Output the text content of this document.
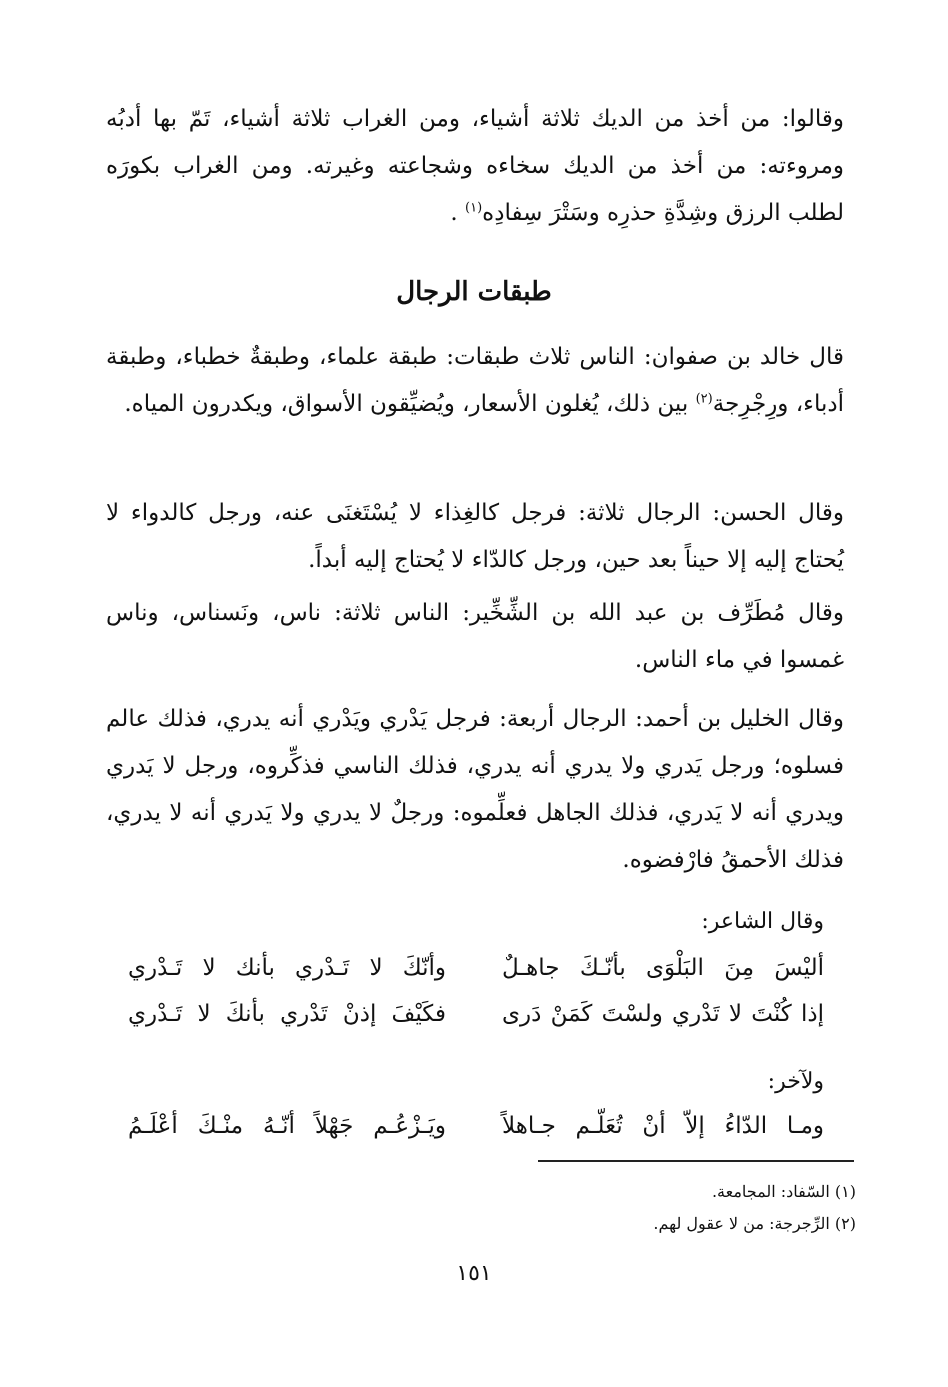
وقالوا: من أخذ من الديك ثلاثة أشياء، ومن الغراب ثلاثة أشياء، تَمّ بها أدبُه ومروءته: من أخذ من الديك سخاءه وشجاعته وغيرته. ومن الغراب بكورَه لطلب الرزق وشِدَّةِ حذرِه وسَتْرَ سِفادِه$^{(١)}$ .

طبقات الرجال

قال خالد بن صفوان: الناس ثلاث طبقات: طبقة علماء، وطبقةٌ خطباء، وطبقة أدباء، ورِجْرِجة$^{(٢)}$ بين ذلك، يُغلون الأسعار، ويُضيِّقون الأسواق، ويكدرون المياه.

وقال الحسن: الرجال ثلاثة: فرجل كالغِذاء لا يُسْتَغنَى عنه، ورجل كالدواء لا يُحتاج إليه إلا حيناً بعد حين، ورجل كالدّاء لا يُحتاج إليه أبداً.

وقال مُطَرِّف بن عبد الله بن الشِّخِّير: الناس ثلاثة: ناس، ونَسناس، وناس غمسوا في ماء الناس.

وقال الخليل بن أحمد: الرجال أربعة: فرجل يَدْري ويَدْري أنه يدري، فذلك عالم فسلوه؛ ورجل يَدري ولا يدري أنه يدري، فذلك الناسي فذكِّروه، ورجل لا يَدري ويدري أنه لا يَدري، فذلك الجاهل فعلِّموه: ورجلٌ لا يدري ولا يَدري أنه لا يدري، فذلك الأحمقُ فارْفضوه.

وقال الشاعر:
أليْسَ مِنَ البَلْوَى بأنّـكَ جاهـلٌ
وأنّكَ لا تَـدْري بأنك لا تَـدْري
إذا كُنْتَ لا تَدْري ولسْتَ كَمَنْ دَرى
فكَيْفَ إذنْ تَدْري بأنكَ لا تَـدْري
ولآخر:
ومـا الدّاءُ إلاّ أنْ تُعَلّـم جـاهلاً
ويَـزْعُـم جَهْلاً أنّـهُ منْـكَ أعْلَـمُ
(١) السّفاد: المجامعة.
(٢) الرِّجرجة: من لا عقول لهم.
١٥١
